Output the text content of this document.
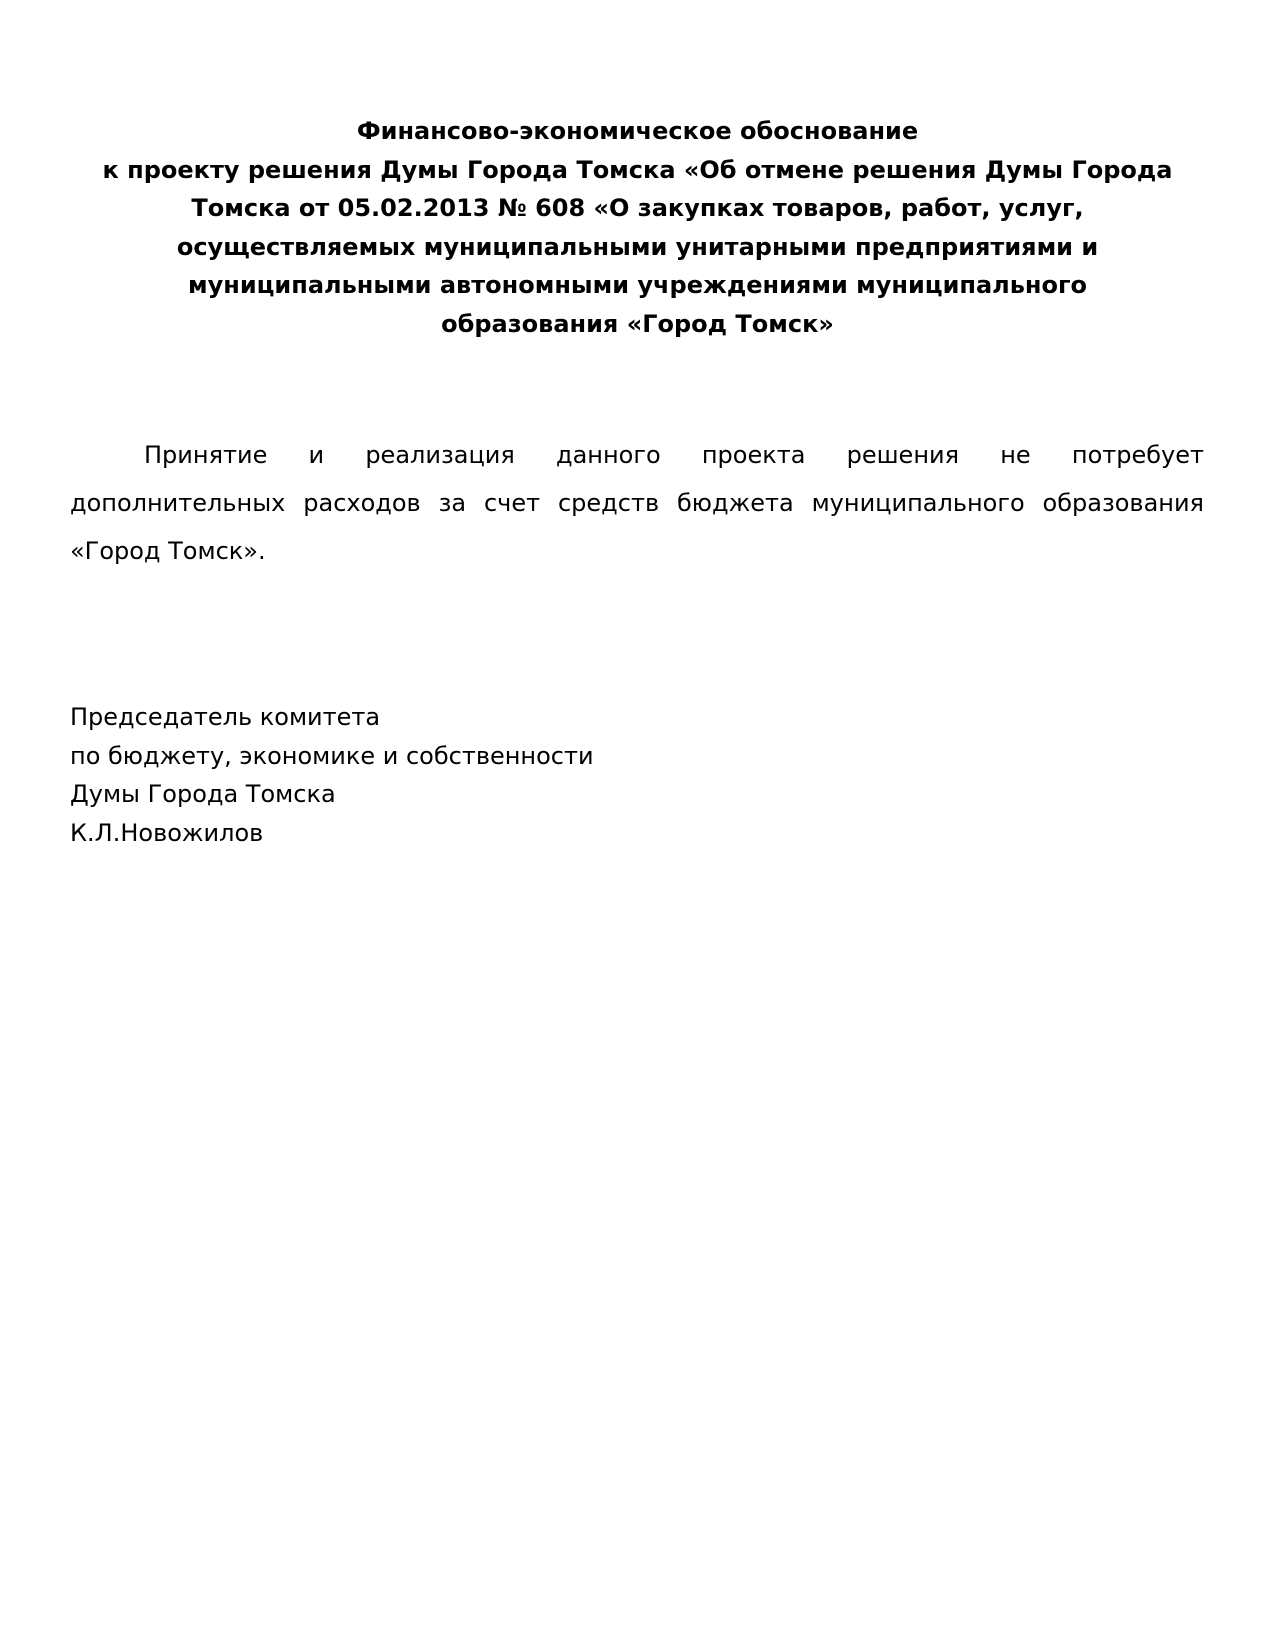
Финансово-экономическое обоснование
к проекту решения Думы Города Томска «Об отмене решения Думы Города
Томска от 05.02.2013 № 608 «О закупках товаров, работ, услуг,
осуществляемых муниципальными унитарными предприятиями и
муниципальными автономными учреждениями муниципального
образования «Город Томск»
Принятие и реализация данного проекта решения не потребует
дополнительных расходов за счет средств бюджета муниципального образования
«Город Томск».
Председатель комитета
по бюджету, экономике и собственности
Думы Города Томска
К.Л.Новожилов
